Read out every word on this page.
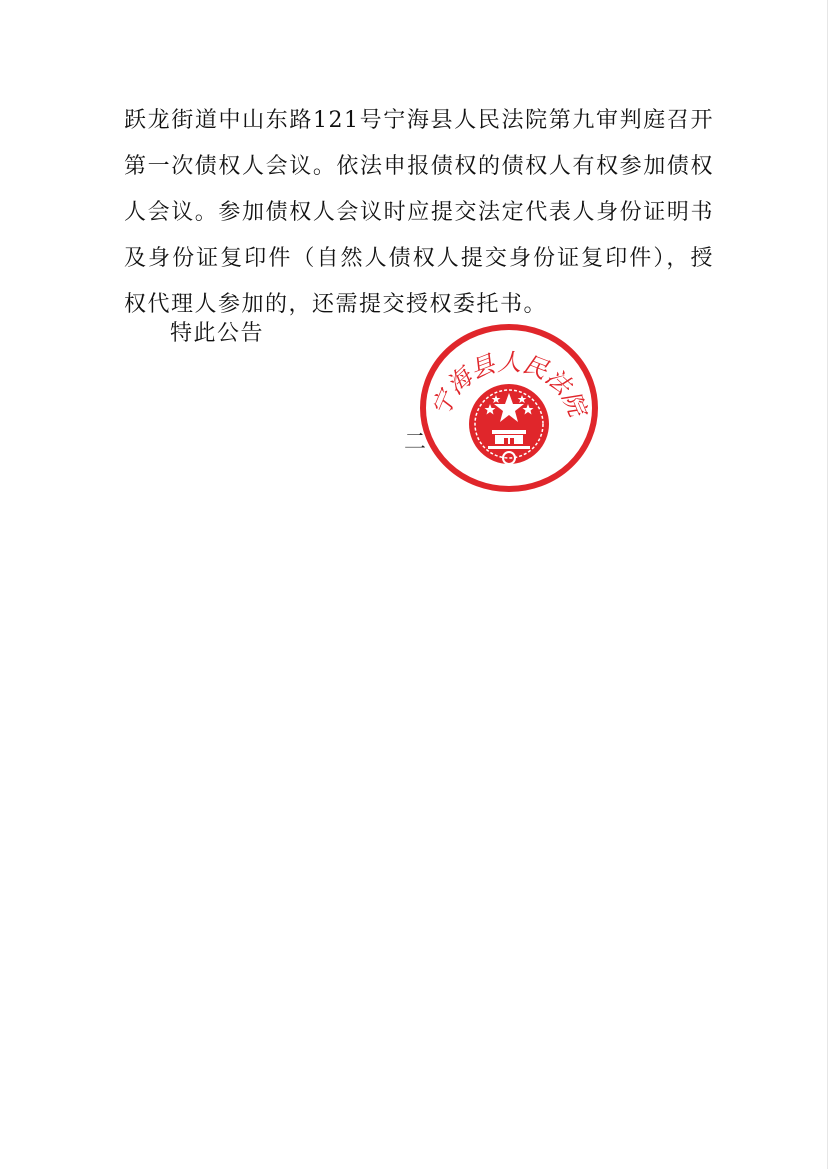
跃龙街道中山东路121号宁海县人民法院第九审判庭召开第一次债权人会议。依法申报债权的债权人有权参加债权人会议。参加债权人会议时应提交法定代表人身份证明书及身份证复印件（自然人债权人提交身份证复印件），授权代理人参加的，还需提交授权委托书。

特此公告

二

宁海县人民法院
